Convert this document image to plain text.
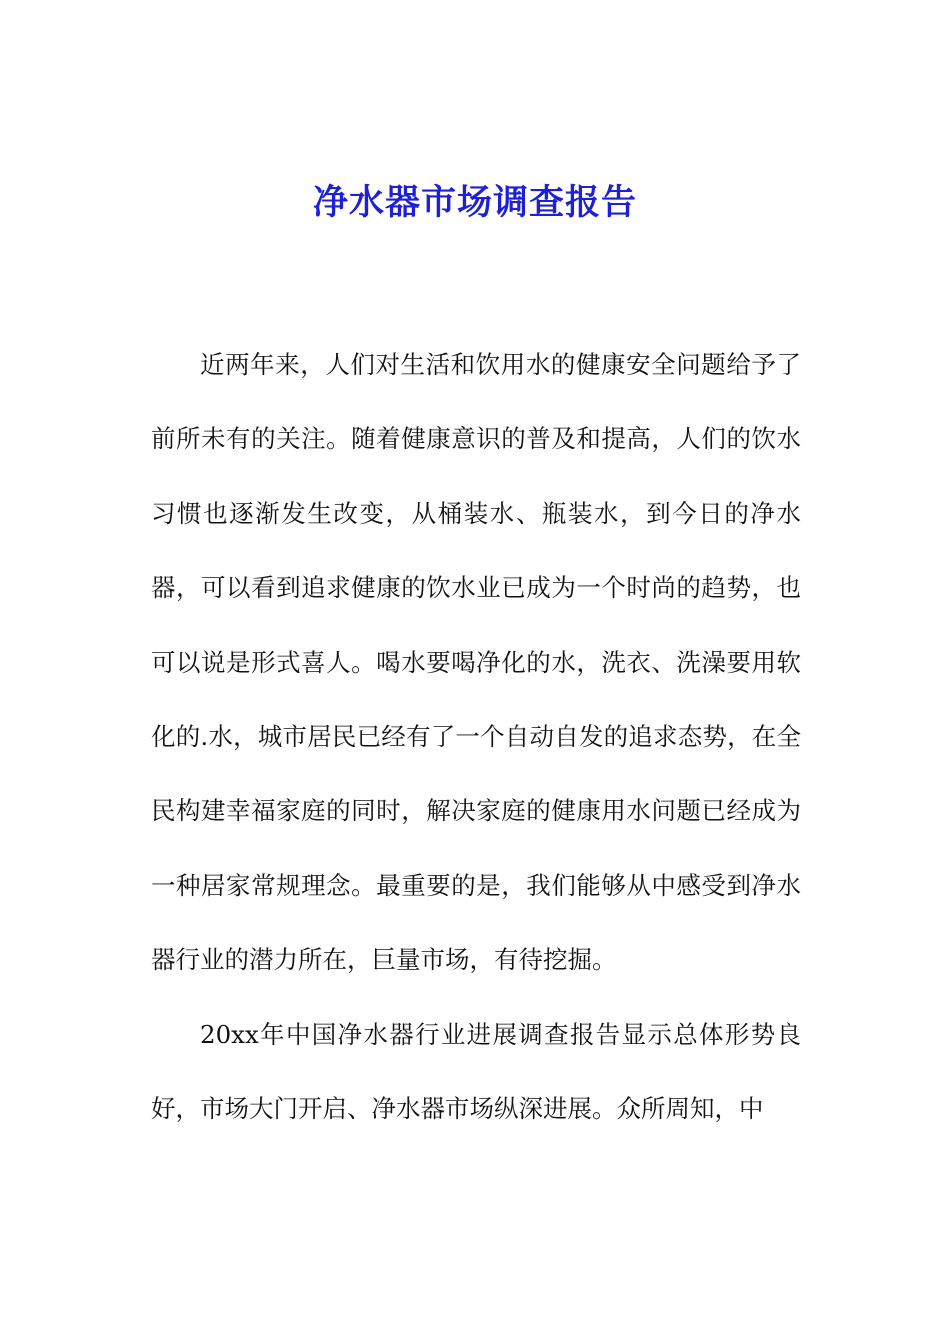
净水器市场调查报告

近两年来，人们对生活和饮用水的健康安全问题给予了前所未有的关注。随着健康意识的普及和提高，人们的饮水习惯也逐渐发生改变，从桶装水、瓶装水，到今日的净水器，可以看到追求健康的饮水业已成为一个时尚的趋势，也可以说是形式喜人。喝水要喝净化的水，洗衣、洗澡要用软化的.水，城市居民已经有了一个自动自发的追求态势，在全民构建幸福家庭的同时，解决家庭的健康用水问题已经成为一种居家常规理念。最重要的是，我们能够从中感受到净水器行业的潜力所在，巨量市场，有待挖掘。

20xx年中国净水器行业进展调查报告显示总体形势良好，市场大门开启、净水器市场纵深进展。众所周知，中
